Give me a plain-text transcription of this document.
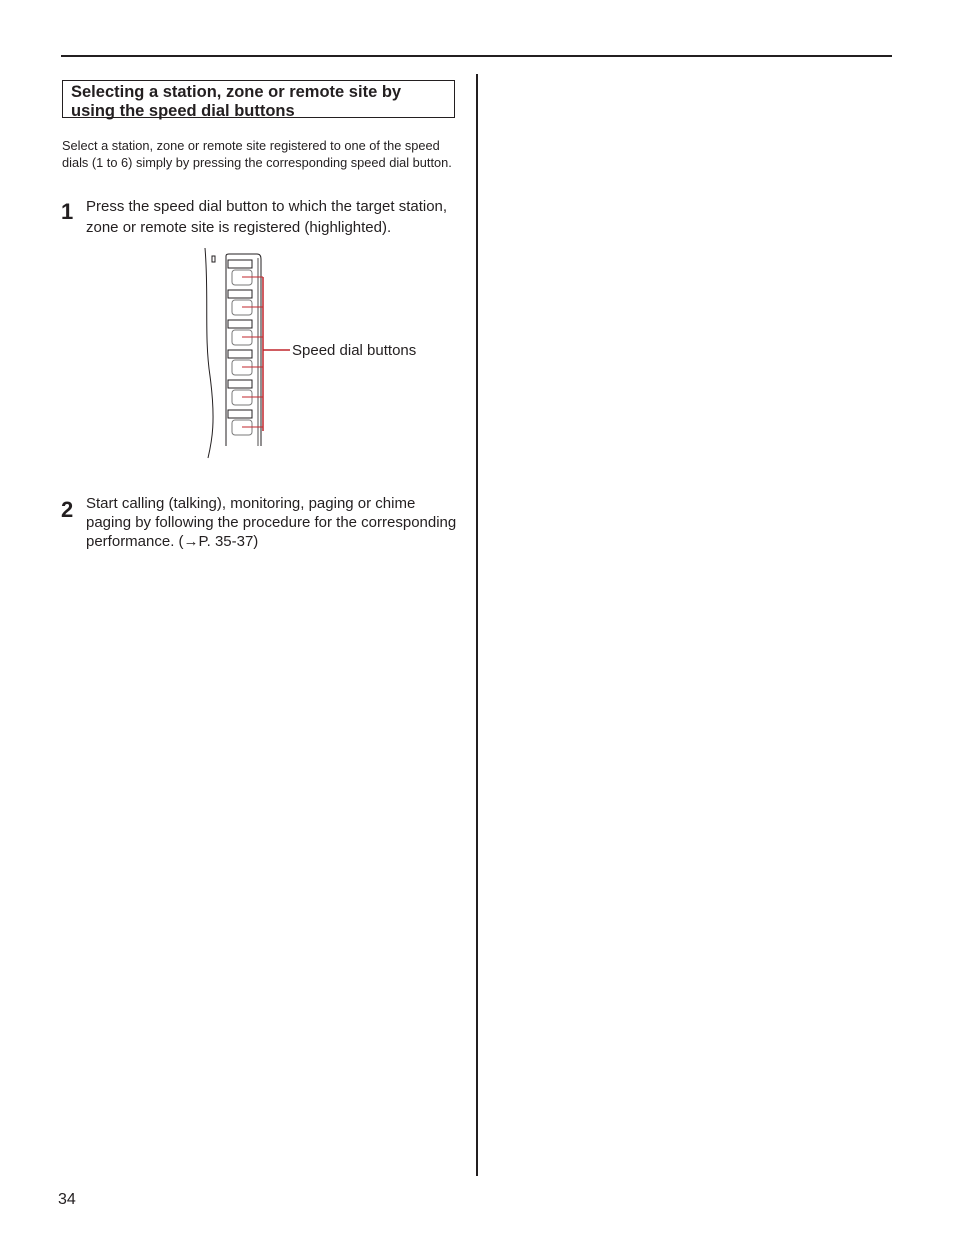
Selecting a station, zone or remote site by using the speed dial buttons
Select a station, zone or remote site registered to one of the speed dials (1 to 6) simply by pressing the corresponding speed dial button.
1 Press the speed dial button to which the target station, zone or remote site is registered (highlighted).
Speed dial buttons
2 Start calling (talking), monitoring, paging or chime paging by following the procedure for the corresponding performance. (→P. 35-37)
34
